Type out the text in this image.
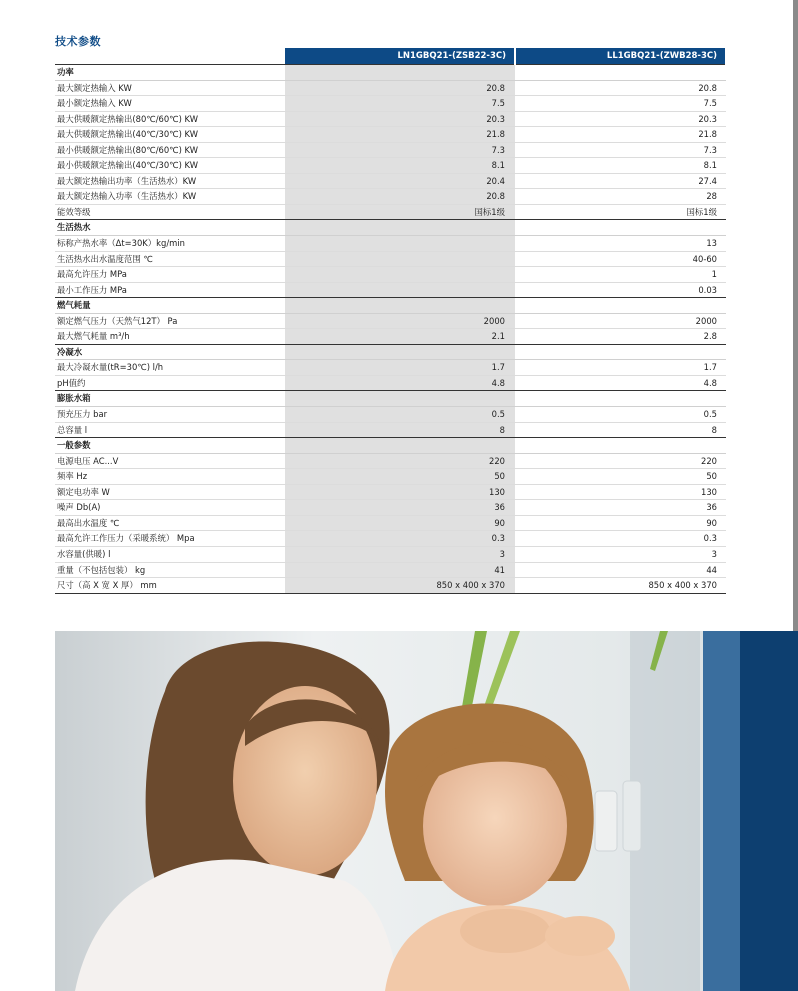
技术参数
	LN1GBQ21-(ZSB22-3C)	LL1GBQ21-(ZWB28-3C)
功率		
最大额定热输入 KW	20.8	20.8
最小额定热输入 KW	7.5	7.5
最大供暖额定热输出(80℃/60℃) KW	20.3	20.3
最大供暖额定热输出(40℃/30℃) KW	21.8	21.8
最小供暖额定热输出(80℃/60℃) KW	7.3	7.3
最小供暖额定热输出(40℃/30℃) KW	8.1	8.1
最大额定热输出功率（生活热水）KW	20.4	27.4
最大额定热输入功率（生活热水）KW	20.8	28
能效等级	国标1级	国标1级
生活热水		
标称产热水率（Δt=30K）kg/min		13
生活热水出水温度范围 ℃		40-60
最高允许压力 MPa		1
最小工作压力 MPa		0.03
燃气耗量		
额定燃气压力（天然气12T） Pa	2000	2000
最大燃气耗量 m³/h	2.1	2.8
冷凝水		
最大冷凝水量(tR=30℃) l/h	1.7	1.7
pH值约	4.8	4.8
膨胀水箱		
预充压力 bar	0.5	0.5
总容量 l	8	8
一般参数		
电源电压 AC...V	220	220
频率 Hz	50	50
额定电功率 W	130	130
噪声 Db(A)	36	36
最高出水温度 ℃	90	90
最高允许工作压力（采暖系统） Mpa	0.3	0.3
水容量(供暖) l	3	3
重量（不包括包装） kg	41	44
尺寸（高 X 宽 X 厚） mm	850 x 400 x 370	850 x 400 x 370
